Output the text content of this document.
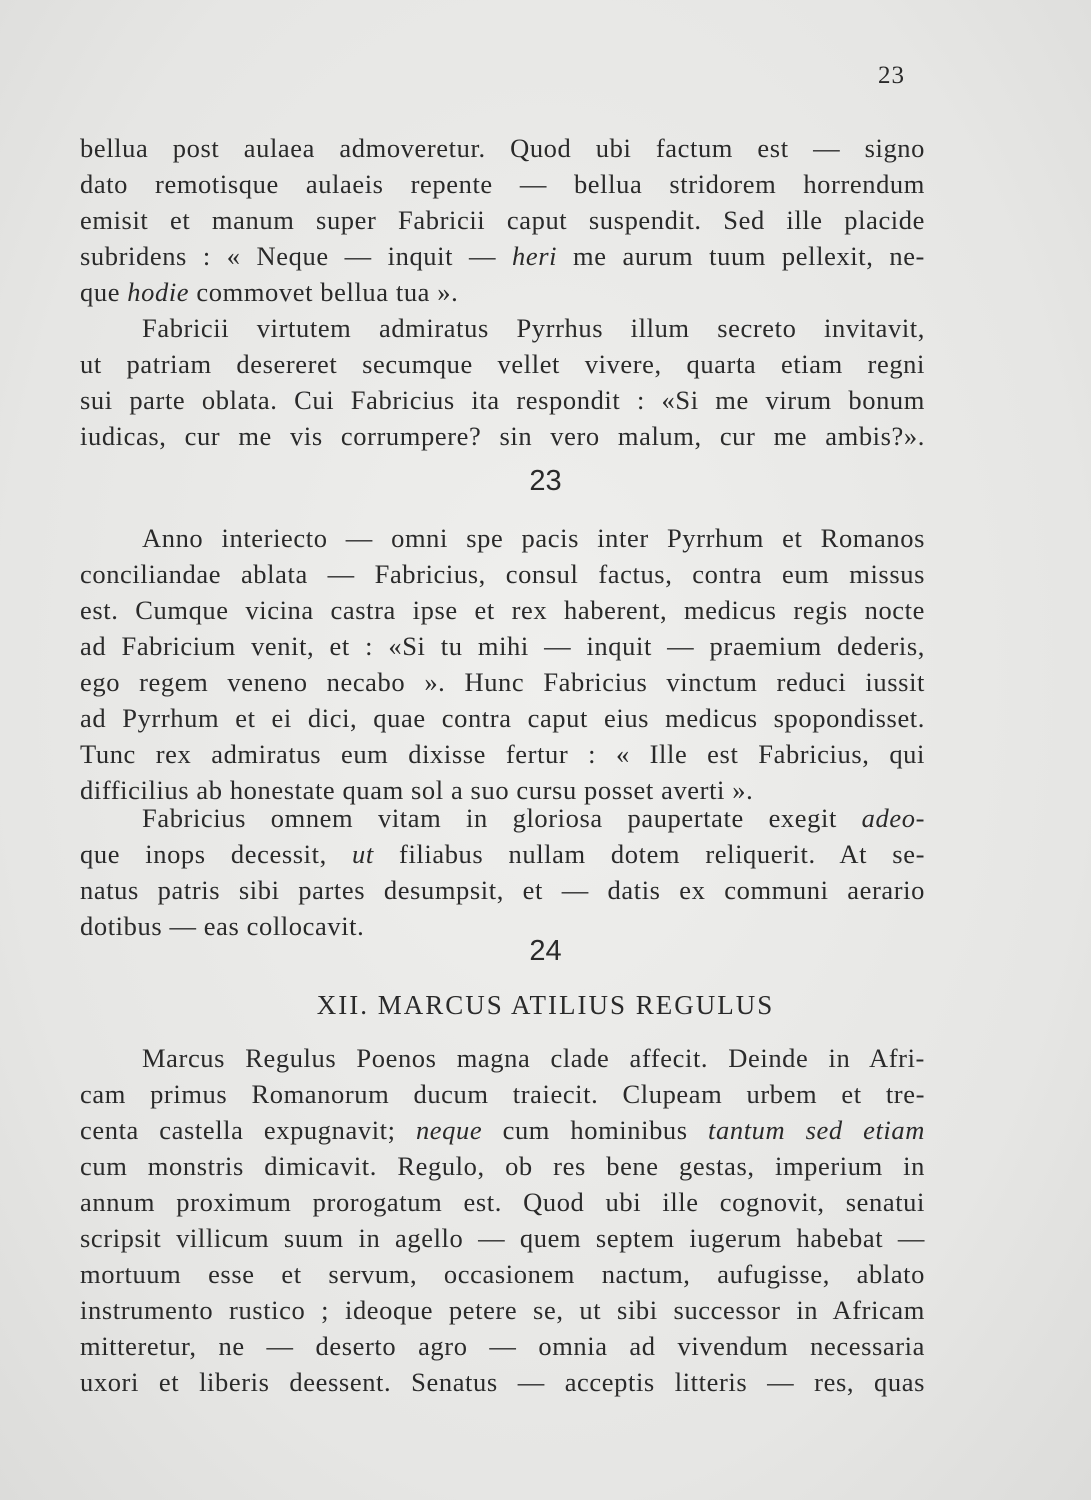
23
bellua post aulaea admoveretur. Quod ubi factum est — signo
dato remotisque aulaeis repente — bellua stridorem horrendum
emisit et manum super Fabricii caput suspendit. Sed ille placide
subridens : « Neque — inquit — heri me aurum tuum pellexit, ne-
que hodie commovet bellua tua ».
Fabricii virtutem admiratus Pyrrhus illum secreto invitavit,
ut patriam desereret secumque vellet vivere, quarta etiam regni
sui parte oblata. Cui Fabricius ita respondit : «Si me virum bonum
iudicas, cur me vis corrumpere? sin vero malum, cur me ambis?».
23
Anno interiecto — omni spe pacis inter Pyrrhum et Romanos
conciliandae ablata — Fabricius, consul factus, contra eum missus
est. Cumque vicina castra ipse et rex haberent, medicus regis nocte
ad Fabricium venit, et : «Si tu mihi — inquit — praemium dederis,
ego regem veneno necabo ». Hunc Fabricius vinctum reduci iussit
ad Pyrrhum et ei dici, quae contra caput eius medicus spopondisset.
Tunc rex admiratus eum dixisse fertur : « Ille est Fabricius, qui
difficilius ab honestate quam sol a suo cursu posset averti ».
Fabricius omnem vitam in gloriosa paupertate exegit adeo-
que inops decessit, ut filiabus nullam dotem reliquerit. At se-
natus patris sibi partes desumpsit, et — datis ex communi aerario
dotibus — eas collocavit.
24
XII. MARCUS ATILIUS REGULUS
Marcus Regulus Poenos magna clade affecit. Deinde in Afri-
cam primus Romanorum ducum traiecit. Clupeam urbem et tre-
centa castella expugnavit; neque cum hominibus tantum sed etiam
cum monstris dimicavit. Regulo, ob res bene gestas, imperium in
annum proximum prorogatum est. Quod ubi ille cognovit, senatui
scripsit villicum suum in agello — quem septem iugerum habebat —
mortuum esse et servum, occasionem nactum, aufugisse, ablato
instrumento rustico ; ideoque petere se, ut sibi successor in Africam
mitteretur, ne — deserto agro — omnia ad vivendum necessaria
uxori et liberis deessent. Senatus — acceptis litteris — res, quas
